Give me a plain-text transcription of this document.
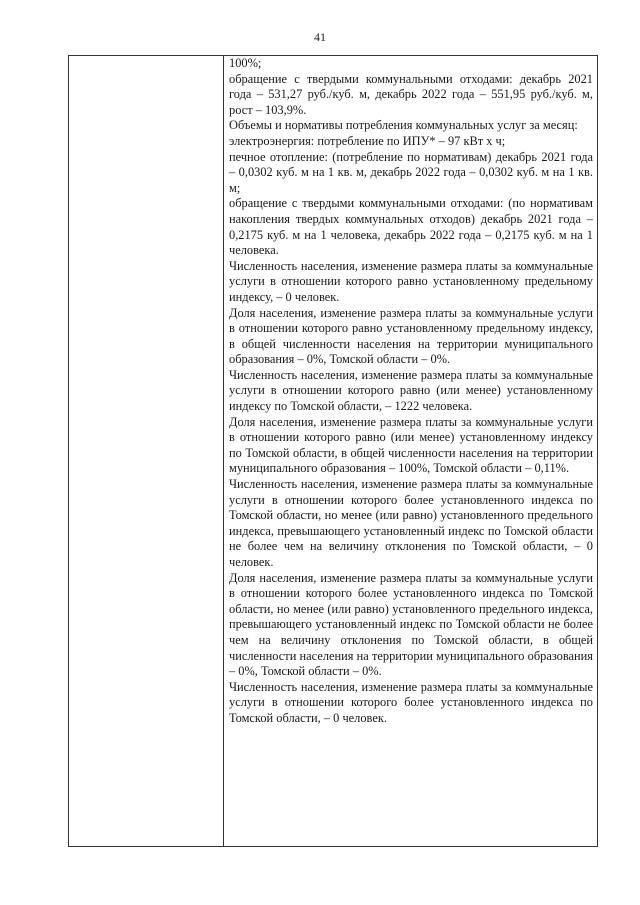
41

100%;

обращение с твердыми коммунальными отходами: декабрь 2021 года – 531,27 руб./куб. м, декабрь 2022 года – 551,95 руб./куб. м, рост – 103,9%.

Объемы и нормативы потребления коммунальных услуг за месяц:

электроэнергия: потребление по ИПУ* – 97 кВт х ч;

печное отопление: (потребление по нормативам) декабрь 2021 года – 0,0302 куб. м на 1 кв. м, декабрь 2022 года – 0,0302 куб. м на 1 кв. м;

обращение с твердыми коммунальными отходами: (по нормативам накопления твердых коммунальных отходов) декабрь 2021 года – 0,2175 куб. м на 1 человека, декабрь 2022 года – 0,2175 куб. м на 1 человека.

Численность населения, изменение размера платы за коммунальные услуги в отношении которого равно установленному предельному индексу, – 0 человек.

Доля населения, изменение размера платы за коммунальные услуги в отношении которого равно установленному предельному индексу, в общей численности населения на территории муниципального образования – 0%, Томской области – 0%.

Численность населения, изменение размера платы за коммунальные услуги в отношении которого равно (или менее) установленному индексу по Томской области, – 1222 человека.

Доля населения, изменение размера платы за коммунальные услуги в отношении которого равно (или менее) установленному индексу по Томской области, в общей численности населения на территории муниципального образования – 100%, Томской области – 0,11%.

Численность населения, изменение размера платы за коммунальные услуги в отношении которого более установленного индекса по Томской области, но менее (или равно) установленного предельного индекса, превышающего установленный индекс по Томской области не более чем на величину отклонения по Томской области, – 0 человек.

Доля населения, изменение размера платы за коммунальные услуги в отношении которого более установленного индекса по Томской области, но менее (или равно) установленного предельного индекса, превышающего установленный индекс по Томской области не более чем на величину отклонения по Томской области, в общей численности населения на территории муниципального образования – 0%, Томской области – 0%.

Численность населения, изменение размера платы за коммунальные услуги в отношении которого более установленного индекса по Томской области, – 0 человек.
